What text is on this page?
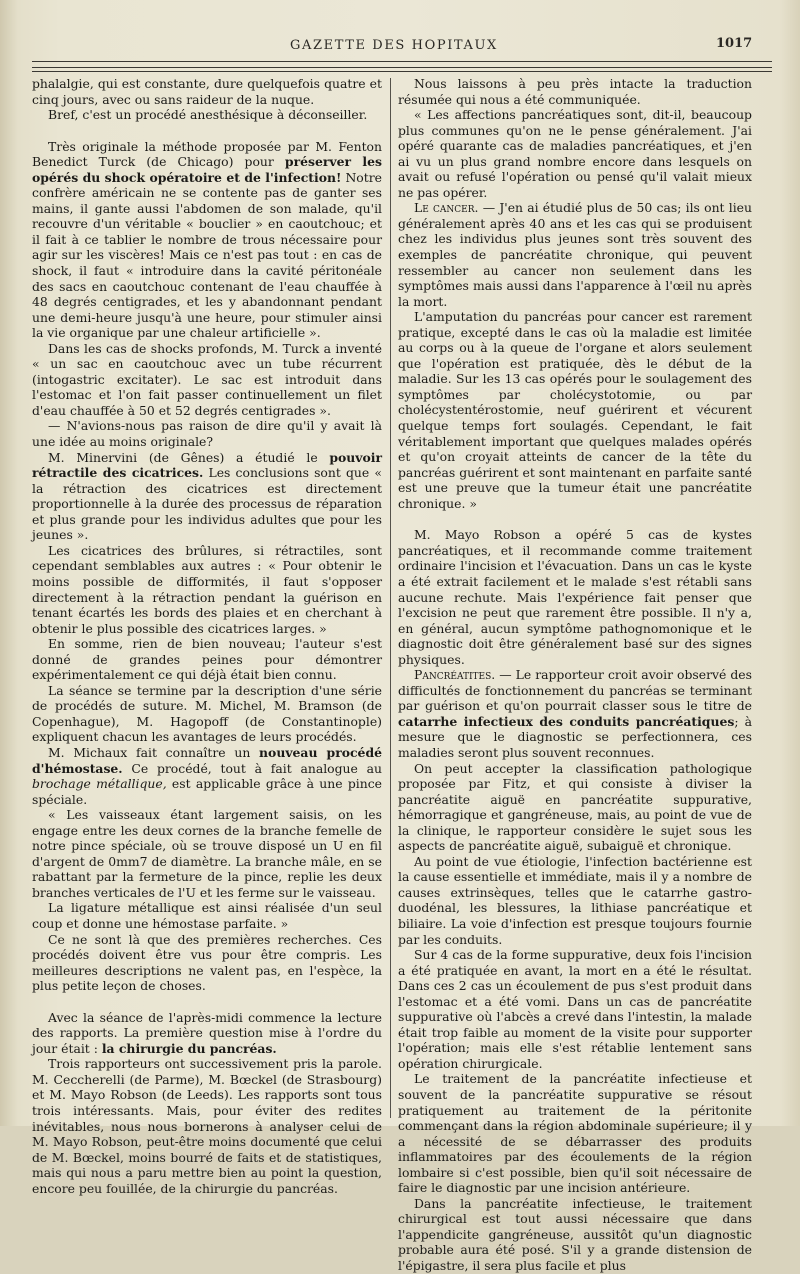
GAZETTE DES HOPITAUX	1017

phalalgie, qui est constante, dure quelquefois quatre et cinq jours, avec ou sans raideur de la nuque.

Bref, c'est un procédé anesthésique à déconseiller.

Très originale la méthode proposée par M. Fenton Benedict Turck (de Chicago) pour préserver les opérés du shock opératoire et de l'infection! Notre confrère américain ne se contente pas de ganter ses mains, il gante aussi l'abdomen de son malade, qu'il recouvre d'un véritable « bouclier » en caoutchouc; et il fait à ce tablier le nombre de trous nécessaire pour agir sur les viscères! Mais ce n'est pas tout : en cas de shock, il faut « introduire dans la cavité péritonéale des sacs en caoutchouc contenant de l'eau chauffée à 48 degrés centigrades, et les y abandonnant pendant une demi-heure jusqu'à une heure, pour stimuler ainsi la vie organique par une chaleur artificielle ».

Dans les cas de shocks profonds, M. Turck a inventé « un sac en caoutchouc avec un tube récurrent (intogastric excitater). Le sac est introduit dans l'estomac et l'on fait passer continuellement un filet d'eau chauffée à 50 et 52 degrés centigrades ».

— N'avions-nous pas raison de dire qu'il y avait là une idée au moins originale?

M. Minervini (de Gênes) a étudié le pouvoir rétractile des cicatrices. Les conclusions sont que « la rétraction des cicatrices est directement proportionnelle à la durée des processus de réparation et plus grande pour les individus adultes que pour les jeunes ».

Les cicatrices des brûlures, si rétractiles, sont cependant semblables aux autres : « Pour obtenir le moins possible de difformités, il faut s'opposer directement à la rétraction pendant la guérison en tenant écartés les bords des plaies et en cherchant à obtenir le plus possible des cicatrices larges. »

En somme, rien de bien nouveau; l'auteur s'est donné de grandes peines pour démontrer expérimentalement ce qui déjà était bien connu.

La séance se termine par la description d'une série de procédés de suture. M. Michel, M. Bramson (de Copenhague), M. Hagopoff (de Constantinople) expliquent chacun les avantages de leurs procédés.

M. Michaux fait connaître un nouveau procédé d'hémostase. Ce procédé, tout à fait analogue au brochage métallique, est applicable grâce à une pince spéciale.

« Les vaisseaux étant largement saisis, on les engage entre les deux cornes de la branche femelle de notre pince spéciale, où se trouve disposé un U en fil d'argent de 0mm7 de diamètre. La branche mâle, en se rabattant par la fermeture de la pince, replie les deux branches verticales de l'U et les ferme sur le vaisseau.

La ligature métallique est ainsi réalisée d'un seul coup et donne une hémostase parfaite. »

Ce ne sont là que des premières recherches. Ces procédés doivent être vus pour être compris. Les meilleures descriptions ne valent pas, en l'espèce, la plus petite leçon de choses.

Avec la séance de l'après-midi commence la lecture des rapports. La première question mise à l'ordre du jour était : la chirurgie du pancréas.

Trois rapporteurs ont successivement pris la parole. M. Ceccherelli (de Parme), M. Bœckel (de Strasbourg) et M. Mayo Robson (de Leeds). Les rapports sont tous trois intéressants. Mais, pour éviter des redites inévitables, nous nous bornerons à analyser celui de M. Mayo Robson, peut-être moins documenté que celui de M. Bœckel, moins bourré de faits et de statistiques, mais qui nous a paru mettre bien au point la question, encore peu fouillée, de la chirurgie du pancréas.

Nous laissons à peu près intacte la traduction résumée qui nous a été communiquée.

« Les affections pancréatiques sont, dit-il, beaucoup plus communes qu'on ne le pense généralement. J'ai opéré quarante cas de maladies pancréatiques, et j'en ai vu un plus grand nombre encore dans lesquels on avait ou refusé l'opération ou pensé qu'il valait mieux ne pas opérer.

Le cancer. — J'en ai étudié plus de 50 cas; ils ont lieu généralement après 40 ans et les cas qui se produisent chez les individus plus jeunes sont très souvent des exemples de pancréatite chronique, qui peuvent ressembler au cancer non seulement dans les symptômes mais aussi dans l'apparence à l'œil nu après la mort.

L'amputation du pancréas pour cancer est rarement pratique, excepté dans le cas où la maladie est limitée au corps ou à la queue de l'organe et alors seulement que l'opération est pratiquée, dès le début de la maladie. Sur les 13 cas opérés pour le soulagement des symptômes par cholécystotomie, ou par cholécystentérostomie, neuf guérirent et vécurent quelque temps fort soulagés. Cependant, le fait véritablement important que quelques malades opérés et qu'on croyait atteints de cancer de la tête du pancréas guérirent et sont maintenant en parfaite santé est une preuve que la tumeur était une pancréatite chronique. »

M. Mayo Robson a opéré 5 cas de kystes pancréatiques, et il recommande comme traitement ordinaire l'incision et l'évacuation. Dans un cas le kyste a été extrait facilement et le malade s'est rétabli sans aucune rechute. Mais l'expérience fait penser que l'excision ne peut que rarement être possible. Il n'y a, en général, aucun symptôme pathognomonique et le diagnostic doit être généralement basé sur des signes physiques.

Pancréatites. — Le rapporteur croit avoir observé des difficultés de fonctionnement du pancréas se terminant par guérison et qu'on pourrait classer sous le titre de catarrhe infectieux des conduits pancréatiques; à mesure que le diagnostic se perfectionnera, ces maladies seront plus souvent reconnues.

On peut accepter la classification pathologique proposée par Fitz, et qui consiste à diviser la pancréatite aiguë en pancréatite suppurative, hémorragique et gangréneuse, mais, au point de vue de la clinique, le rapporteur considère le sujet sous les aspects de pancréatite aiguë, subaiguë et chronique.

Au point de vue étiologie, l'infection bactérienne est la cause essentielle et immédiate, mais il y a nombre de causes extrinsèques, telles que le catarrhe gastro-duodénal, les blessures, la lithiase pancréatique et biliaire. La voie d'infection est presque toujours fournie par les conduits.

Sur 4 cas de la forme suppurative, deux fois l'incision a été pratiquée en avant, la mort en a été le résultat. Dans ces 2 cas un écoulement de pus s'est produit dans l'estomac et a été vomi. Dans un cas de pancréatite suppurative où l'abcès a crevé dans l'intestin, la malade était trop faible au moment de la visite pour supporter l'opération; mais elle s'est rétablie lentement sans opération chirurgicale.

Le traitement de la pancréatite infectieuse et souvent de la pancréatite suppurative se résout pratiquement au traitement de la péritonite commençant dans la région abdominale supérieure; il y a nécessité de se débarrasser des produits inflammatoires par des écoulements de la région lombaire si c'est possible, bien qu'il soit nécessaire de faire le diagnostic par une incision antérieure.

Dans la pancréatite infectieuse, le traitement chirurgical est tout aussi nécessaire que dans l'appendicite gangréneuse, aussitôt qu'un diagnostic probable aura été posé. S'il y a grande distension de l'épigastre, il sera plus facile et plus
